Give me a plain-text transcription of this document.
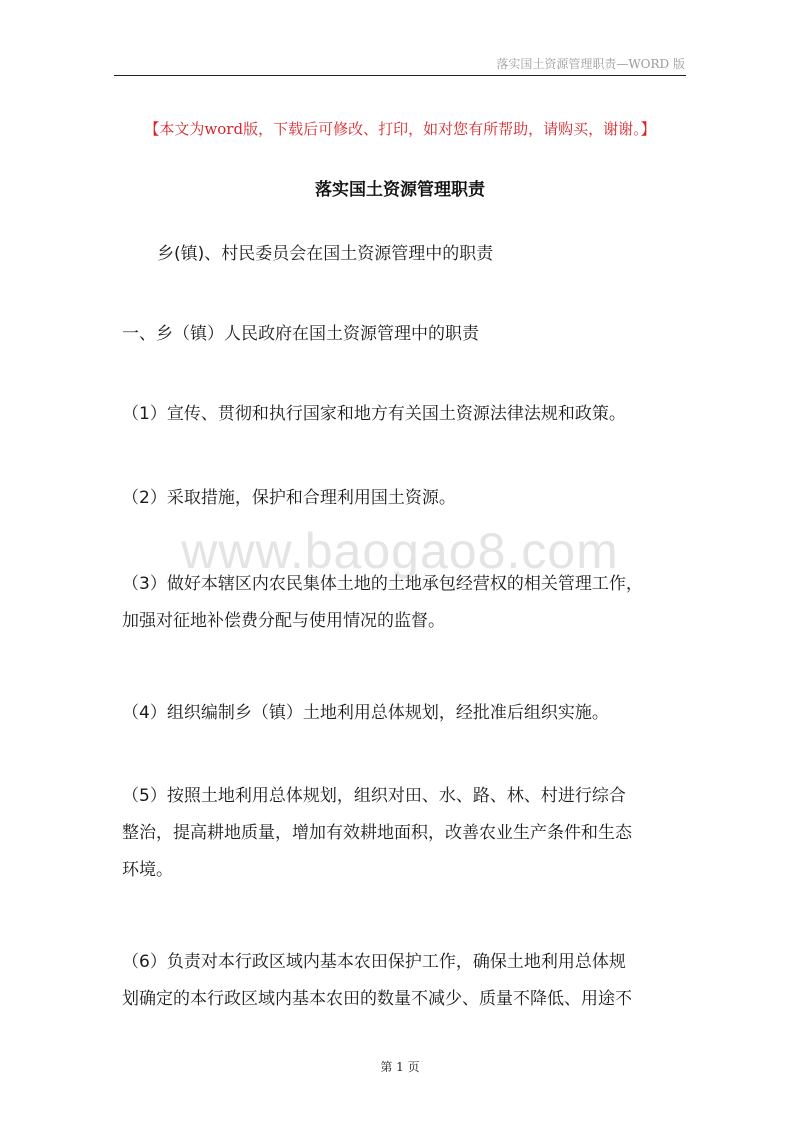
落实国土资源管理职责—WORD 版
【本文为word版，下载后可修改、打印，如对您有所帮助，请购买，谢谢。】
落实国土资源管理职责
www.baogao8.com
乡(镇)、村民委员会在国土资源管理中的职责
一、乡（镇）人民政府在国土资源管理中的职责
（1）宣传、贯彻和执行国家和地方有关国土资源法律法规和政策。
（2）采取措施，保护和合理利用国土资源。
（3）做好本辖区内农民集体土地的土地承包经营权的相关管理工作，
加强对征地补偿费分配与使用情况的监督。
（4）组织编制乡（镇）土地利用总体规划，经批准后组织实施。
（5）按照土地利用总体规划，组织对田、水、路、林、村进行综合
整治，提高耕地质量，增加有效耕地面积，改善农业生产条件和生态
环境。
（6）负责对本行政区域内基本农田保护工作，确保土地利用总体规
划确定的本行政区域内基本农田的数量不减少、质量不降低、用途不
第 1 页
